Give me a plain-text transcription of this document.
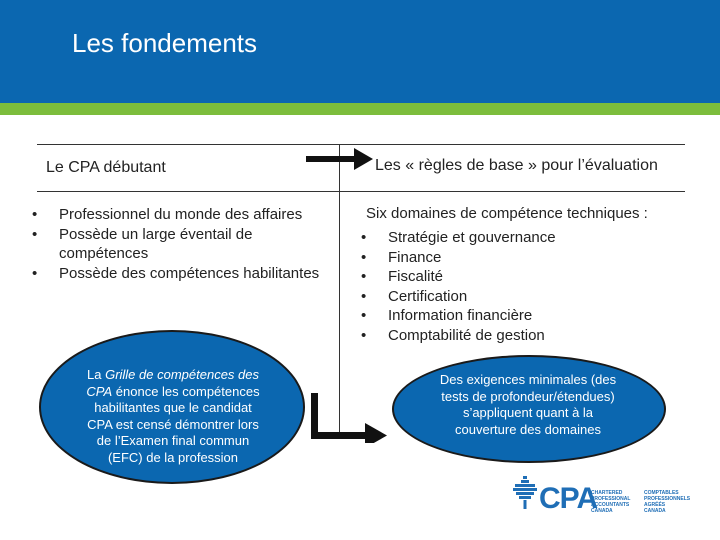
Les fondements
Le CPA débutant	Les « règles de base » pour l’évaluation
• Professionnel du monde des affaires
• Possède un large éventail de compétences
• Possède des compétences habilitantes
Six domaines de compétence techniques :
• Stratégie et gouvernance
• Finance
• Fiscalité
• Certification
• Information financière
• Comptabilité de gestion
La Grille de compétences des CPA énonce les compétences habilitantes que le candidat CPA est censé démontrer lors de l’Examen final commun (EFC) de la profession
Des exigences minimales (des tests de profondeur/étendues) s’appliquent quant à la couverture des domaines
CPA
CHARTERED
PROFESSIONAL
ACCOUNTANTS
CANADA
COMPTABLES
PROFESSIONNELS
AGRÉÉS
CANADA
